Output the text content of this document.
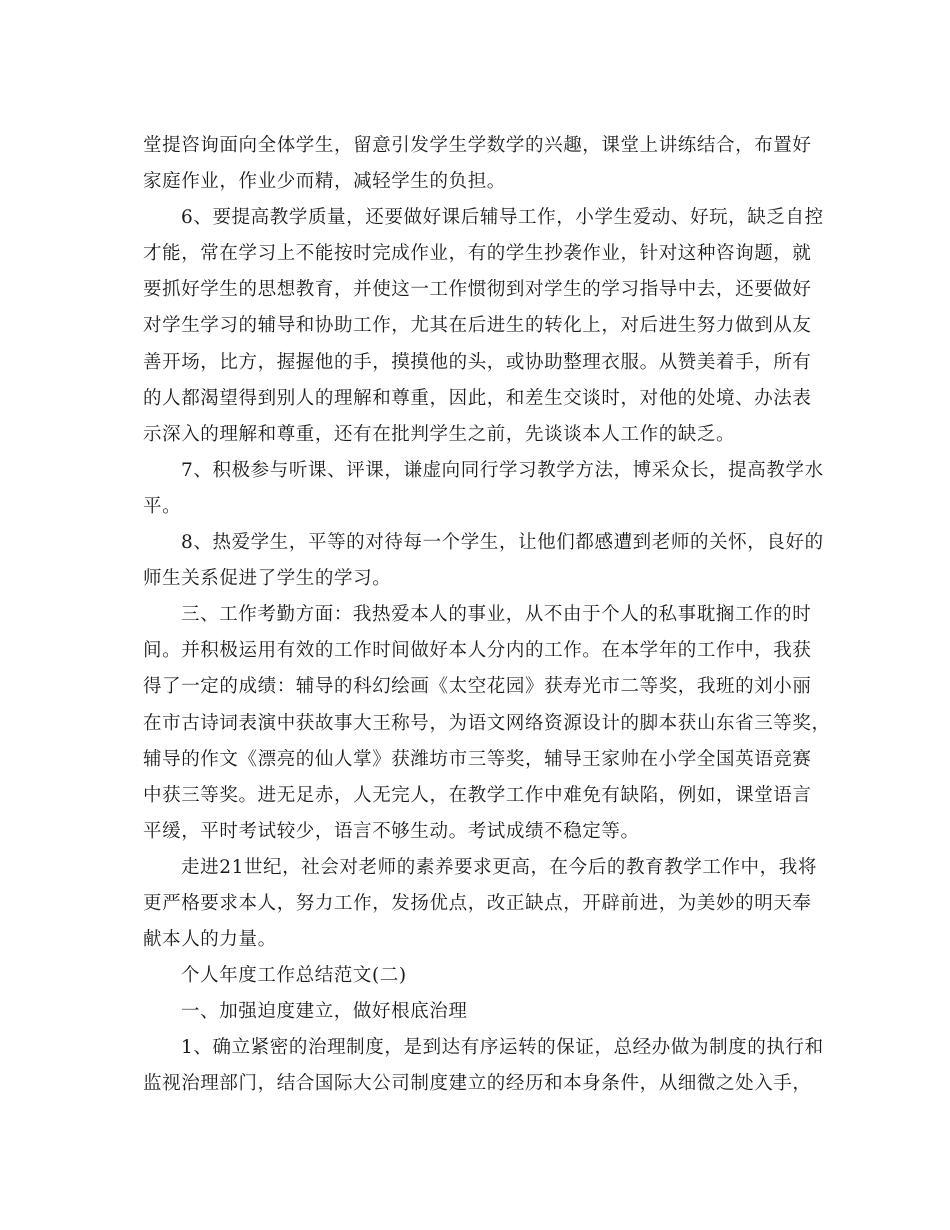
堂提咨询面向全体学生，留意引发学生学数学的兴趣，课堂上讲练结合，布置好
家庭作业，作业少而精，减轻学生的负担。
6、要提高教学质量，还要做好课后辅导工作，小学生爱动、好玩，缺乏自控
才能，常在学习上不能按时完成作业，有的学生抄袭作业，针对这种咨询题，就
要抓好学生的思想教育，并使这一工作惯彻到对学生的学习指导中去，还要做好
对学生学习的辅导和协助工作，尤其在后进生的转化上，对后进生努力做到从友
善开场，比方，握握他的手，摸摸他的头，或协助整理衣服。从赞美着手，所有
的人都渴望得到别人的理解和尊重，因此，和差生交谈时，对他的处境、办法表
示深入的理解和尊重，还有在批判学生之前，先谈谈本人工作的缺乏。
7、积极参与听课、评课，谦虚向同行学习教学方法，博采众长，提高教学水
平。
8、热爱学生，平等的对待每一个学生，让他们都感遭到老师的关怀，良好的
师生关系促进了学生的学习。
三、工作考勤方面：我热爱本人的事业，从不由于个人的私事耽搁工作的时
间。并积极运用有效的工作时间做好本人分内的工作。在本学年的工作中，我获
得了一定的成绩：辅导的科幻绘画《太空花园》获寿光市二等奖，我班的刘小丽
在市古诗词表演中获故事大王称号，为语文网络资源设计的脚本获山东省三等奖，
辅导的作文《漂亮的仙人掌》获潍坊市三等奖，辅导王家帅在小学全国英语竞赛
中获三等奖。进无足赤，人无完人，在教学工作中难免有缺陷，例如，课堂语言
平缓，平时考试较少，语言不够生动。考试成绩不稳定等。
走进21世纪，社会对老师的素养要求更高，在今后的教育教学工作中，我将
更严格要求本人，努力工作，发扬优点，改正缺点，开辟前进，为美妙的明天奉
献本人的力量。
个人年度工作总结范文(二)
一、加强迫度建立，做好根底治理
1、确立紧密的治理制度，是到达有序运转的保证，总经办做为制度的执行和
监视治理部门，结合国际大公司制度建立的经历和本身条件，从细微之处入手，
